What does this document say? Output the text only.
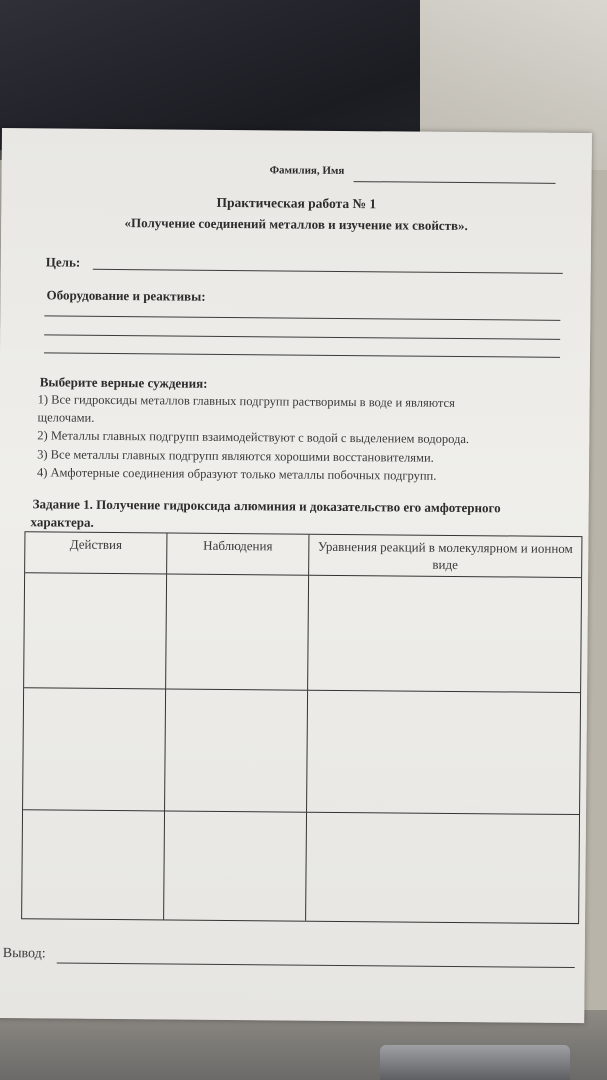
Фамилия, Имя
Практическая работа № 1
«Получение соединений металлов и изучение их свойств».
Цель:
Оборудование и реактивы:
Выберите верные суждения:
1) Все гидроксиды металлов главных подгрупп растворимы в воде и являются
щелочами.
2) Металлы главных подгрупп взаимодействуют с водой с выделением водорода.
3) Все металлы главных подгрупп являются хорошими восстановителями.
4) Амфотерные соединения образуют только металлы побочных подгрупп.
Задание 1. Получение гидроксида алюминия и доказательство его амфотерного
характера.
Действия	Наблюдения	Уравнения реакций в молекулярном и ионном виде
Вывод:
